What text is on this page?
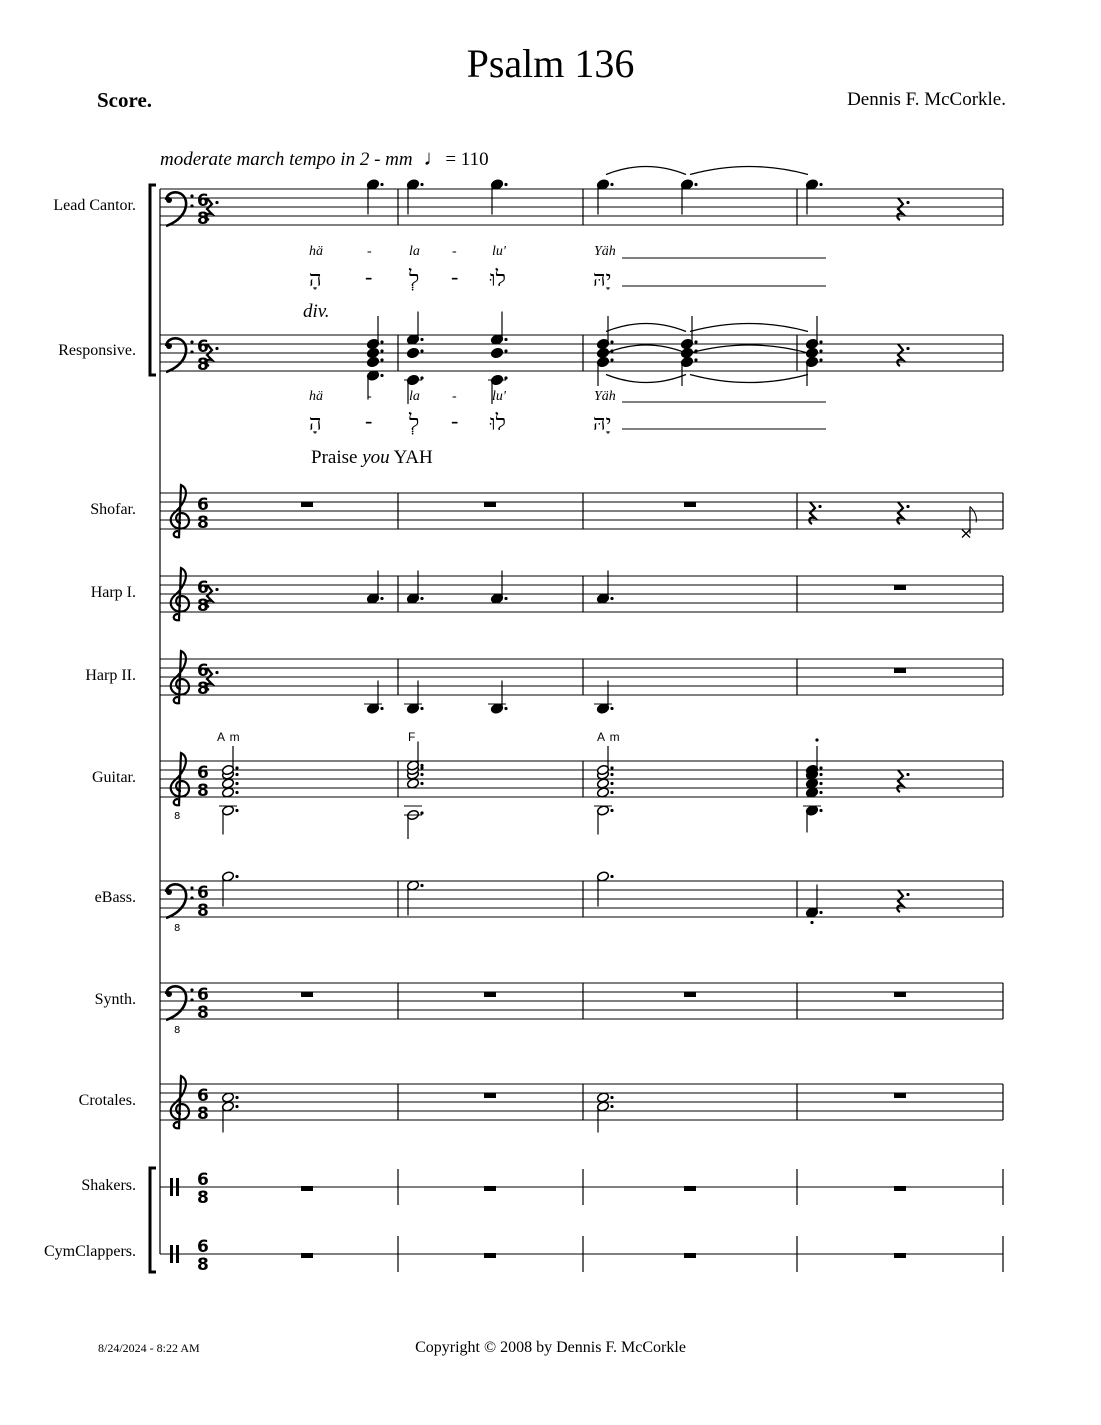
Psalm 136
Score.	Dennis F. McCorkle.
moderate march tempo in 2 - mm ♩= 110
Lead Cantor.
Responsive.
Shofar.
Harp I.
Harp II.
Guitar.
eBass.
Synth.
Crotales.
Shakers.
CymClappers.
hä	-	la -	lu'	Yäh
הָ - לְ - לוּ	יָהּ
div.
hä	-	la -	lu'	Yäh
הָ - לְ - לוּ	יָהּ
Praise you YAH
A m	F	A m
6
8
6
8
6
8
6
8
6
8
8
6
8
8
6
8
8
6
8
6
8
6
8
6
8
8/24/2024 - 8:22 AM	Copyright © 2008 by Dennis F. McCorkle
